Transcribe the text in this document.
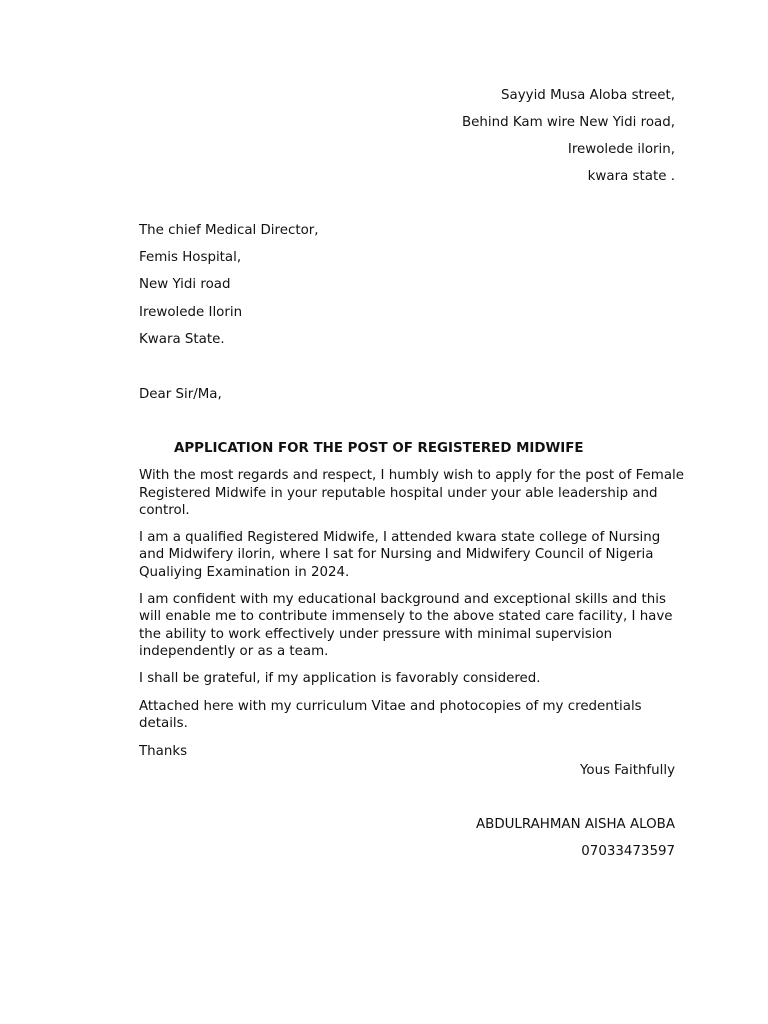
Sayyid Musa Aloba street,
Behind Kam wire New Yidi road,
Irewolede ilorin,
kwara state .
The chief Medical Director,
Femis Hospital,
New Yidi road
Irewolede Ilorin
Kwara State.
Dear Sir/Ma,
APPLICATION FOR THE POST OF REGISTERED MIDWIFE

With the most regards and respect, I humbly wish to apply for the post of Female Registered Midwife in your reputable hospital under your able leadership and control.

I am a qualified Registered Midwife, I attended kwara state college of Nursing and Midwifery ilorin, where I sat for Nursing and Midwifery Council of Nigeria Qualiying Examination in 2024.

I am confident with my educational background and exceptional skills and this will enable me to contribute immensely to the above stated care facility, I have the ability to work effectively under pressure with minimal supervision independently or as a team.

I shall be grateful, if my application is favorably considered.

Attached here with my curriculum Vitae and photocopies of my credentials details.

Thanks

Yous Faithfully
ABDULRAHMAN AISHA ALOBA
07033473597
